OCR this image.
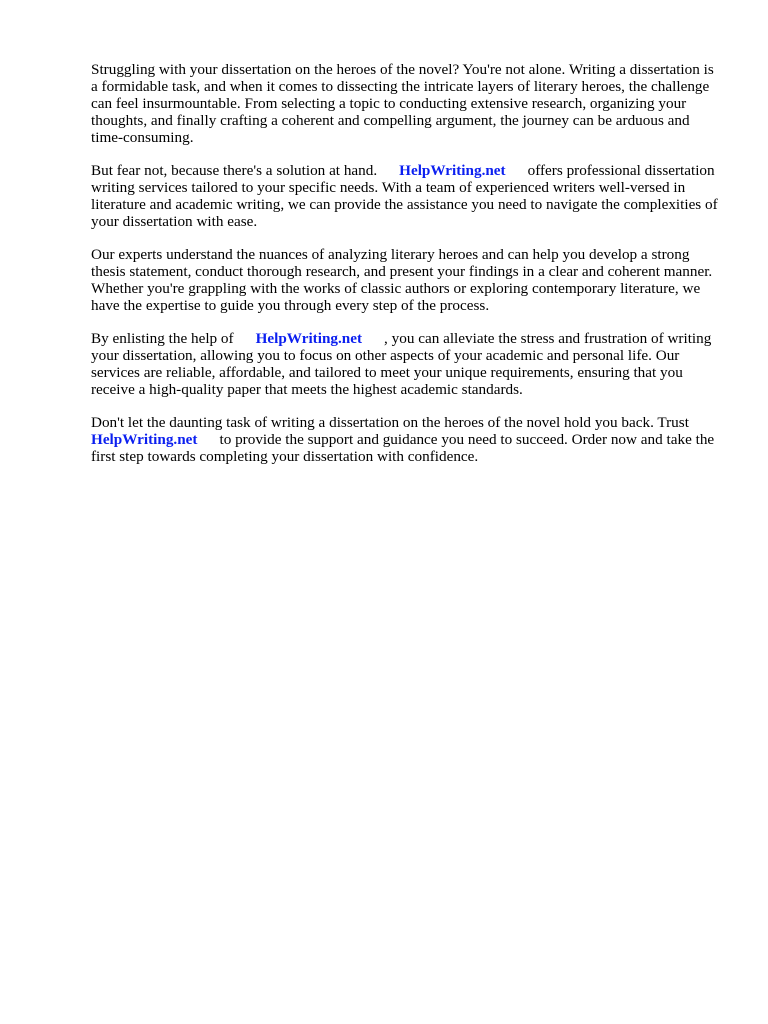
Struggling with your dissertation on the heroes of the novel? You're not alone. Writing a dissertation is a formidable task, and when it comes to dissecting the intricate layers of literary heroes, the challenge can feel insurmountable. From selecting a topic to conducting extensive research, organizing your thoughts, and finally crafting a coherent and compelling argument, the journey can be arduous and time-consuming.

But fear not, because there's a solution at hand. HelpWriting.net offers professional dissertation writing services tailored to your specific needs. With a team of experienced writers well-versed in literature and academic writing, we can provide the assistance you need to navigate the complexities of your dissertation with ease.

Our experts understand the nuances of analyzing literary heroes and can help you develop a strong thesis statement, conduct thorough research, and present your findings in a clear and coherent manner. Whether you're grappling with the works of classic authors or exploring contemporary literature, we have the expertise to guide you through every step of the process.

By enlisting the help of HelpWriting.net , you can alleviate the stress and frustration of writing your dissertation, allowing you to focus on other aspects of your academic and personal life. Our services are reliable, affordable, and tailored to meet your unique requirements, ensuring that you receive a high-quality paper that meets the highest academic standards.

Don't let the daunting task of writing a dissertation on the heroes of the novel hold you back. Trust HelpWriting.net to provide the support and guidance you need to succeed. Order now and take the first step towards completing your dissertation with confidence.
